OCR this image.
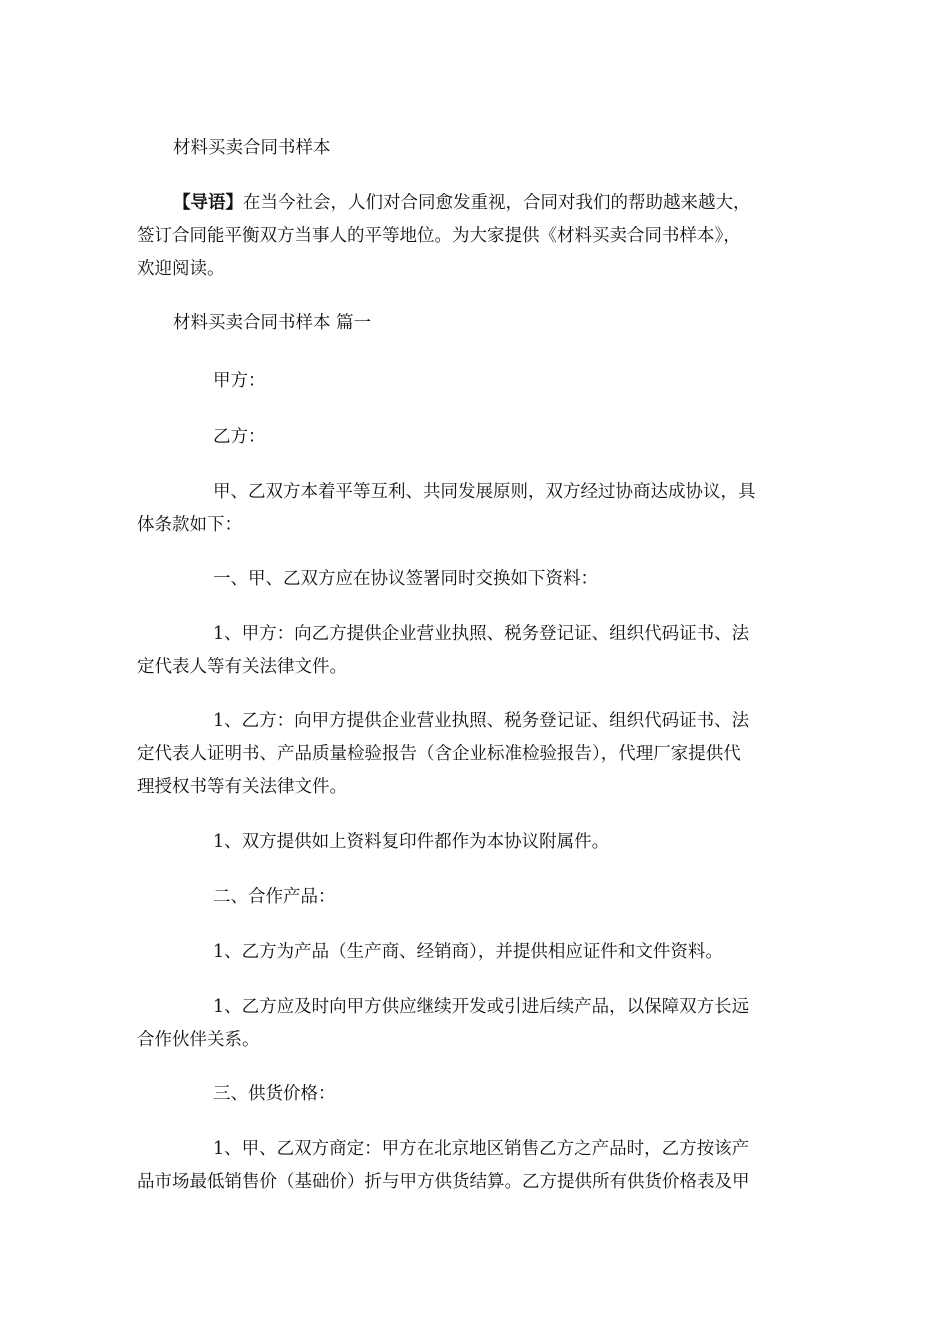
材料买卖合同书样本

【导语】在当今社会，人们对合同愈发重视，合同对我们的帮助越来越大，
签订合同能平衡双方当事人的平等地位。为大家提供《材料买卖合同书样本》，
欢迎阅读。

材料买卖合同书样本 篇一

甲方：

乙方：

甲、乙双方本着平等互利、共同发展原则，双方经过协商达成协议，具
体条款如下：

一、甲、乙双方应在协议签署同时交换如下资料：

1、甲方：向乙方提供企业营业执照、税务登记证、组织代码证书、法
定代表人等有关法律文件。

1、乙方：向甲方提供企业营业执照、税务登记证、组织代码证书、法
定代表人证明书、产品质量检验报告（含企业标准检验报告），代理厂家提供代
理授权书等有关法律文件。

1、双方提供如上资料复印件都作为本协议附属件。

二、合作产品：

1、乙方为产品（生产商、经销商），并提供相应证件和文件资料。

1、乙方应及时向甲方供应继续开发或引进后续产品，以保障双方长远
合作伙伴关系。

三、供货价格：

1、甲、乙双方商定：甲方在北京地区销售乙方之产品时，乙方按该产
品市场最低销售价（基础价）折与甲方供货结算。乙方提供所有供货价格表及甲
